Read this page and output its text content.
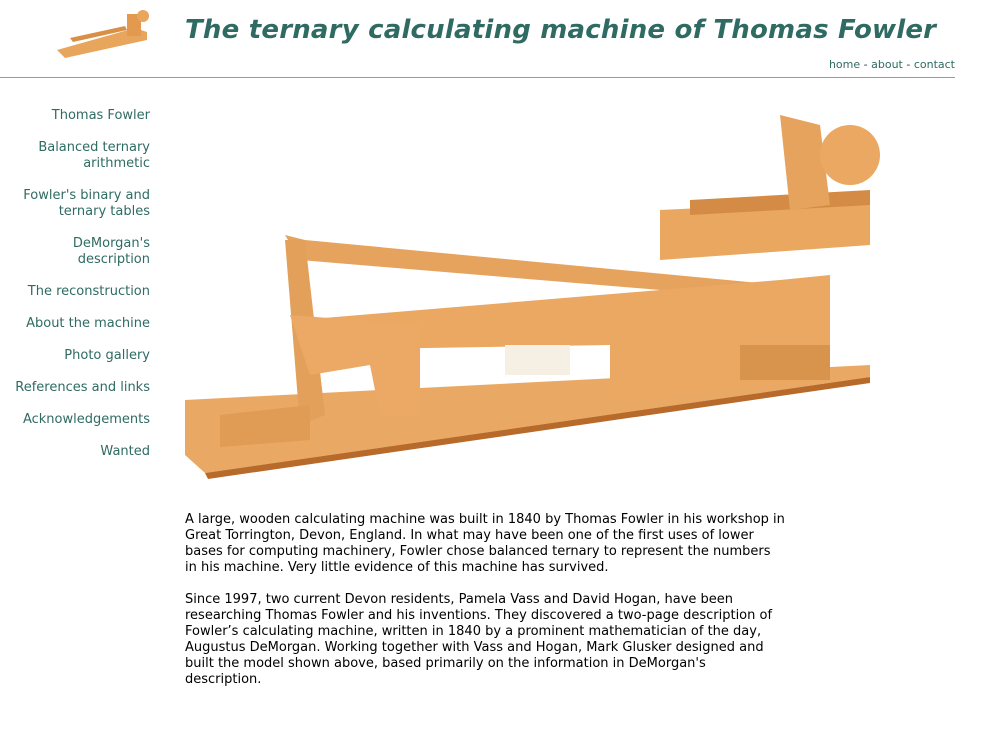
The ternary calculating machine of Thomas Fowler
home - about - contact
Thomas Fowler
Balanced ternary arithmetic
Fowler's binary and ternary tables
DeMorgan's description
The reconstruction
About the machine
Photo gallery
References and links
Acknowledgements
Wanted

A large, wooden calculating machine was built in 1840 by Thomas Fowler in his workshop in Great Torrington, Devon, England. In what may have been one of the first uses of lower bases for computing machinery, Fowler chose balanced ternary to represent the numbers in his machine. Very little evidence of this machine has survived.

Since 1997, two current Devon residents, Pamela Vass and David Hogan, have been researching Thomas Fowler and his inventions. They discovered a two-page description of Fowler’s calculating machine, written in 1840 by a prominent mathematician of the day, Augustus DeMorgan. Working together with Vass and Hogan, Mark Glusker designed and built the model shown above, based primarily on the information in DeMorgan's description.
